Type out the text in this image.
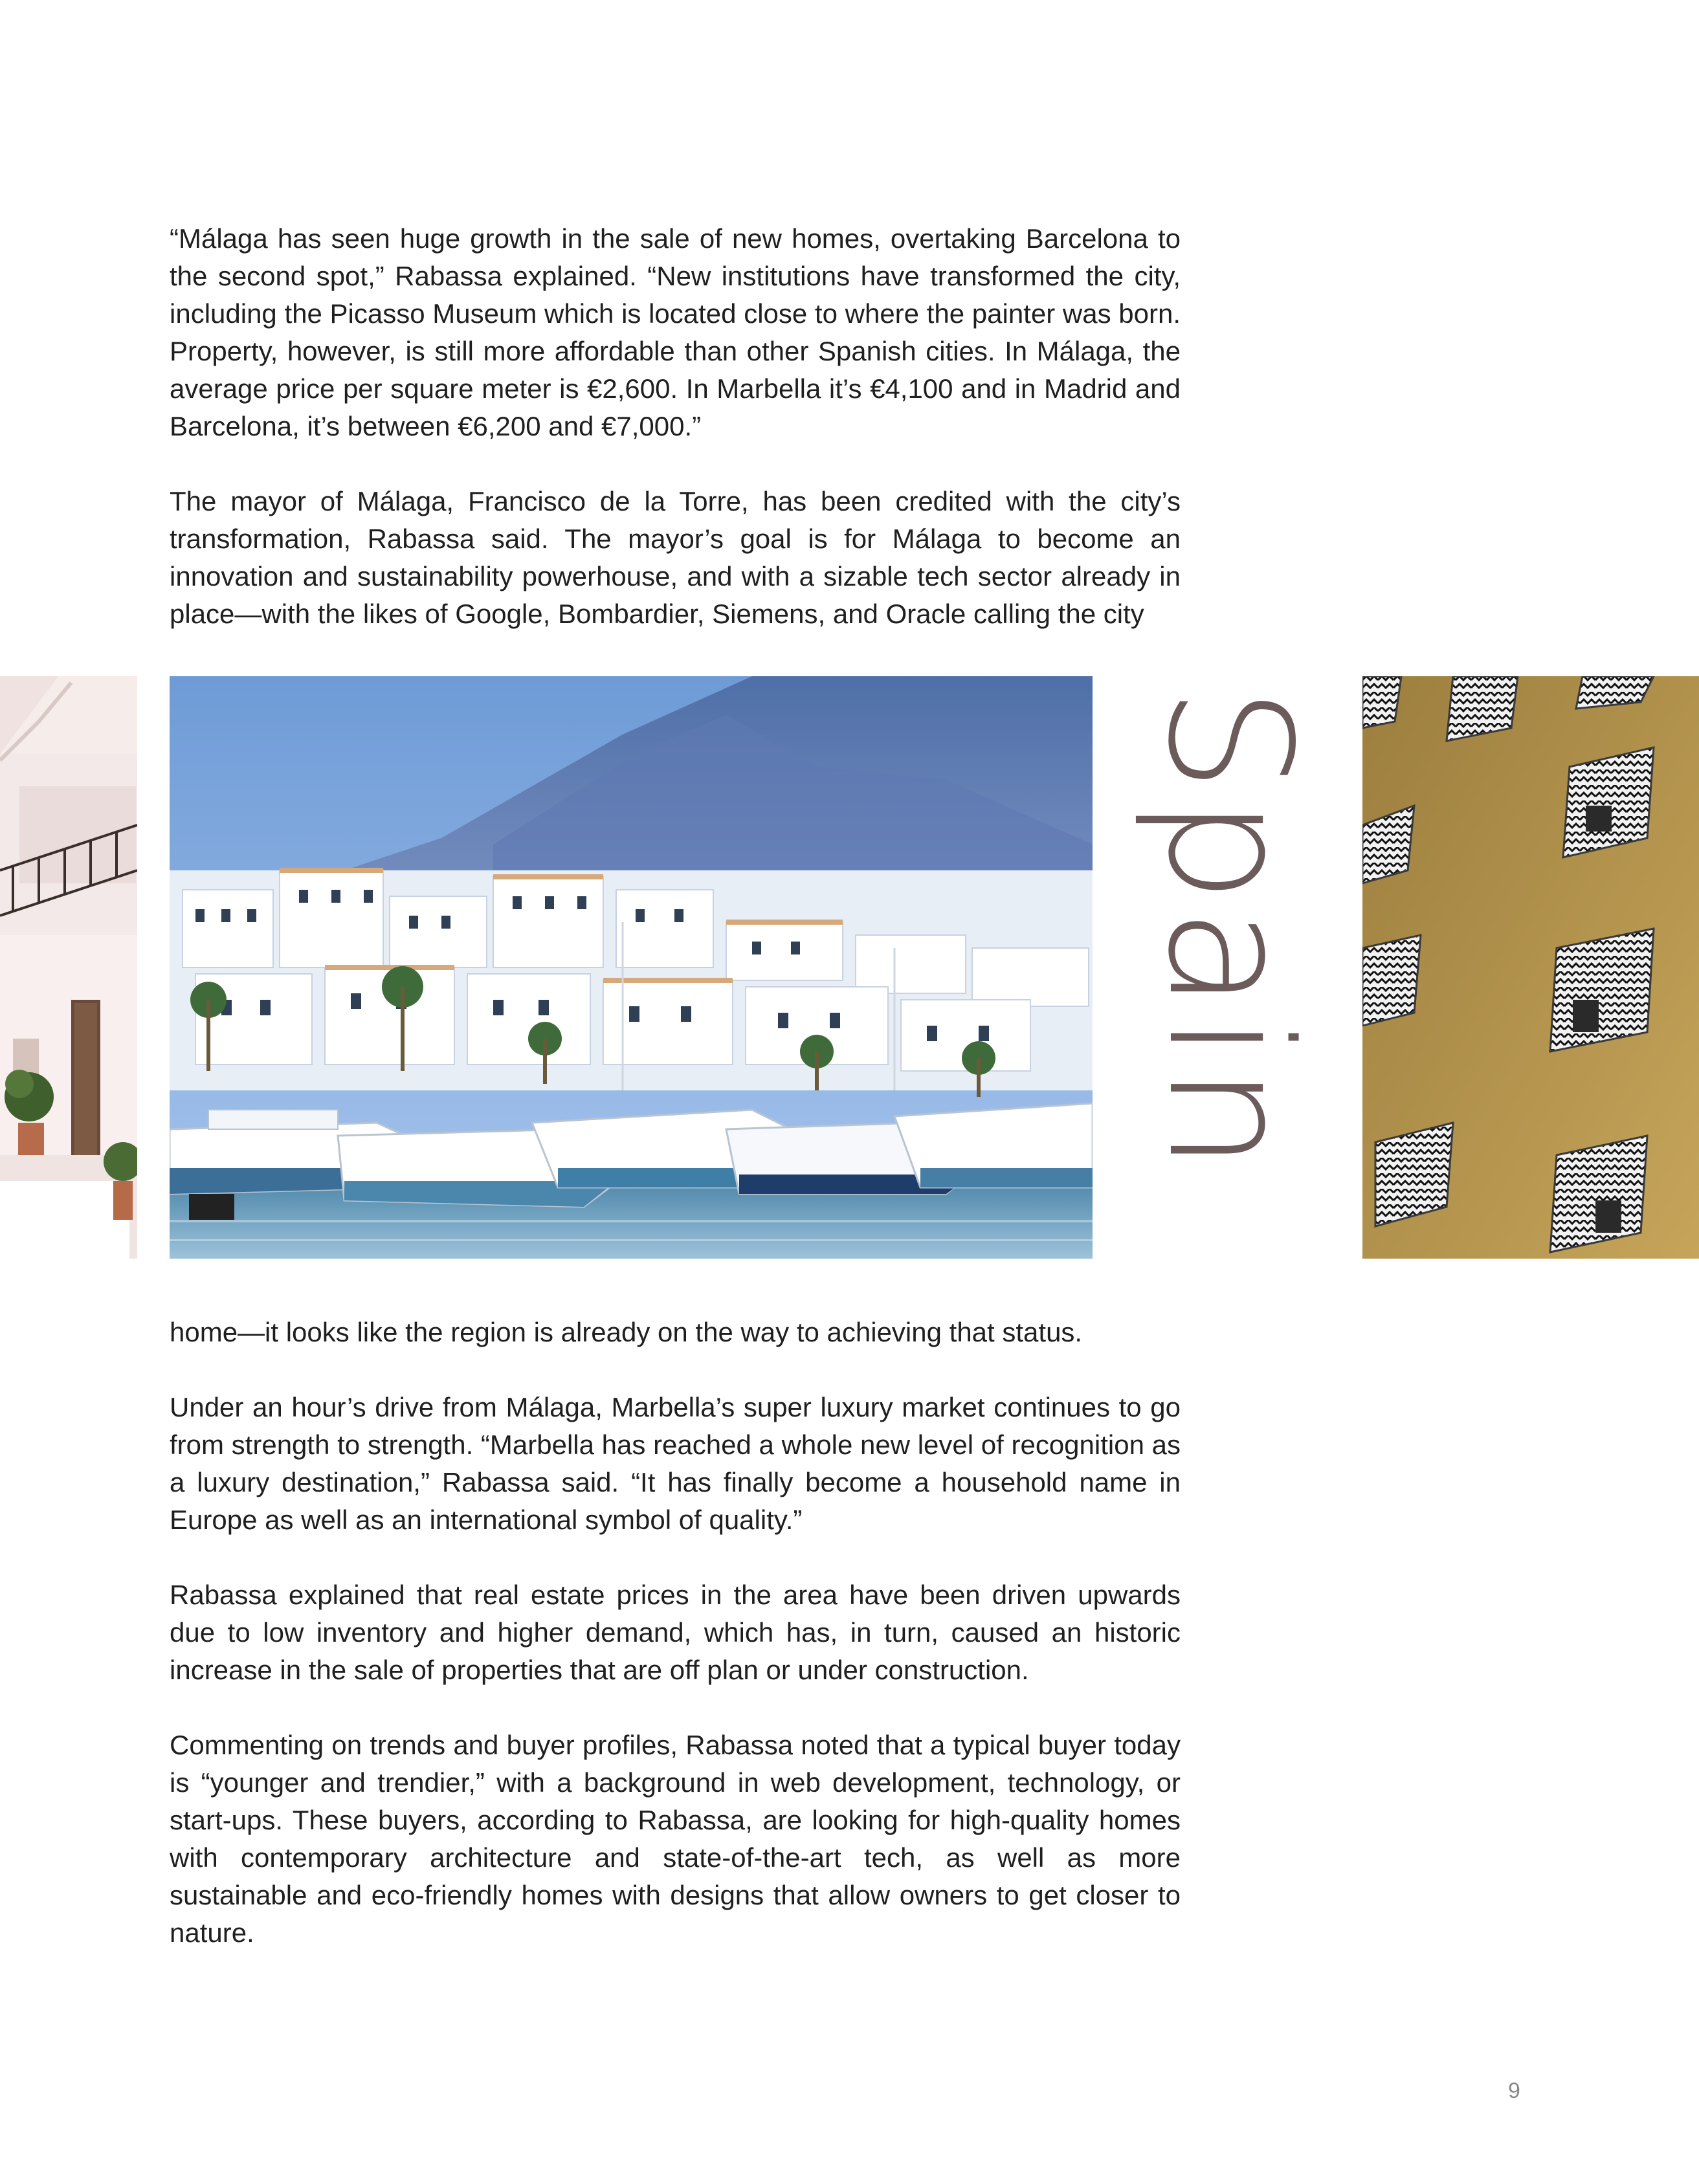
“Málaga has seen huge growth in the sale of new homes, overtaking Barcelona to the second spot,” Rabassa explained. “New institutions have transformed the city, including the Picasso Museum which is located close to where the painter was born. Property, however, is still more affordable than other Spanish cities. In Málaga, the average price per square meter is €2,600. In Marbella it’s €4,100 and in Madrid and Barcelona, it’s between €6,200 and €7,000.”

The mayor of Málaga, Francisco de la Torre, has been credited with the city’s transformation, Rabassa said. The mayor’s goal is for Málaga to become an innovation and sustainability powerhouse, and with a sizable tech sector already in place—with the likes of Google, Bombardier, Siemens, and Oracle calling the city

Spain

home—it looks like the region is already on the way to achieving that status.

Under an hour’s drive from Málaga, Marbella’s super luxury market continues to go from strength to strength. “Marbella has reached a whole new level of recognition as a luxury destination,” Rabassa said. “It has finally become a household name in Europe as well as an international symbol of quality.”

Rabassa explained that real estate prices in the area have been driven upwards due to low inventory and higher demand, which has, in turn, caused an historic increase in the sale of properties that are off plan or under construction.

Commenting on trends and buyer profiles, Rabassa noted that a typical buyer today is “younger and trendier,” with a background in web development, technology, or start-ups. These buyers, according to Rabassa, are looking for high-quality homes with contemporary architecture and state-of-the-art tech, as well as more sustainable and eco-friendly homes with designs that allow owners to get closer to nature.

9
